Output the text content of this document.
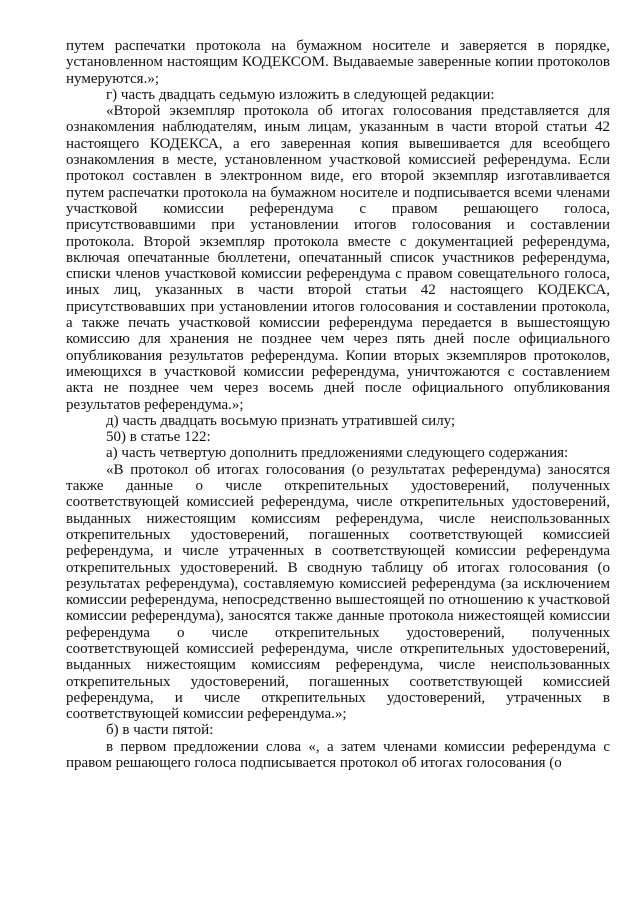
путем распечатки протокола на бумажном носителе и заверяется в порядке, установленном настоящим КОДЕКСОМ. Выдаваемые заверенные копии протоколов нумеруются.»;

г) часть двадцать седьмую изложить в следующей редакции:

«Второй экземпляр протокола об итогах голосования представляется для ознакомления наблюдателям, иным лицам, указанным в части второй статьи 42 настоящего КОДЕКСА, а его заверенная копия вывешивается для всеобщего ознакомления в месте, установленном участковой комиссией референдума. Если протокол составлен в электронном виде, его второй экземпляр изготавливается путем распечатки протокола на бумажном носителе и подписывается всеми членами участковой комиссии референдума с правом решающего голоса, присутствовавшими при установлении итогов голосования и составлении протокола. Второй экземпляр протокола вместе с документацией референдума, включая опечатанные бюллетени, опечатанный список участников референдума, списки членов участковой комиссии референдума с правом совещательного голоса, иных лиц, указанных в части второй статьи 42 настоящего КОДЕКСА, присутствовавших при установлении итогов голосования и составлении протокола, а также печать участковой комиссии референдума передается в вышестоящую комиссию для хранения не позднее чем через пять дней после официального опубликования результатов референдума. Копии вторых экземпляров протоколов, имеющихся в участковой комиссии референдума, уничтожаются с составлением акта не позднее чем через восемь дней после официального опубликования результатов референдума.»;

д) часть двадцать восьмую признать утратившей силу;

50) в статье 122:

а) часть четвертую дополнить предложениями следующего содержания:

«В протокол об итогах голосования (о результатах референдума) заносятся также данные о числе открепительных удостоверений, полученных соответствующей комиссией референдума, числе открепительных удостоверений, выданных нижестоящим комиссиям референдума, числе неиспользованных открепительных удостоверений, погашенных соответствующей комиссией референдума, и числе утраченных в соответствующей комиссии референдума открепительных удостоверений. В сводную таблицу об итогах голосования (о результатах референдума), составляемую комиссией референдума (за исключением комиссии референдума, непосредственно вышестоящей по отношению к участковой комиссии референдума), заносятся также данные протокола нижестоящей комиссии референдума о числе открепительных удостоверений, полученных соответствующей комиссией референдума, числе открепительных удостоверений, выданных нижестоящим комиссиям референдума, числе неиспользованных открепительных удостоверений, погашенных соответствующей комиссией референдума, и числе открепительных удостоверений, утраченных в соответствующей комиссии референдума.»;

б) в части пятой:

в первом предложении слова «, а затем членами комиссии референдума с правом решающего голоса подписывается протокол об итогах голосования (о
